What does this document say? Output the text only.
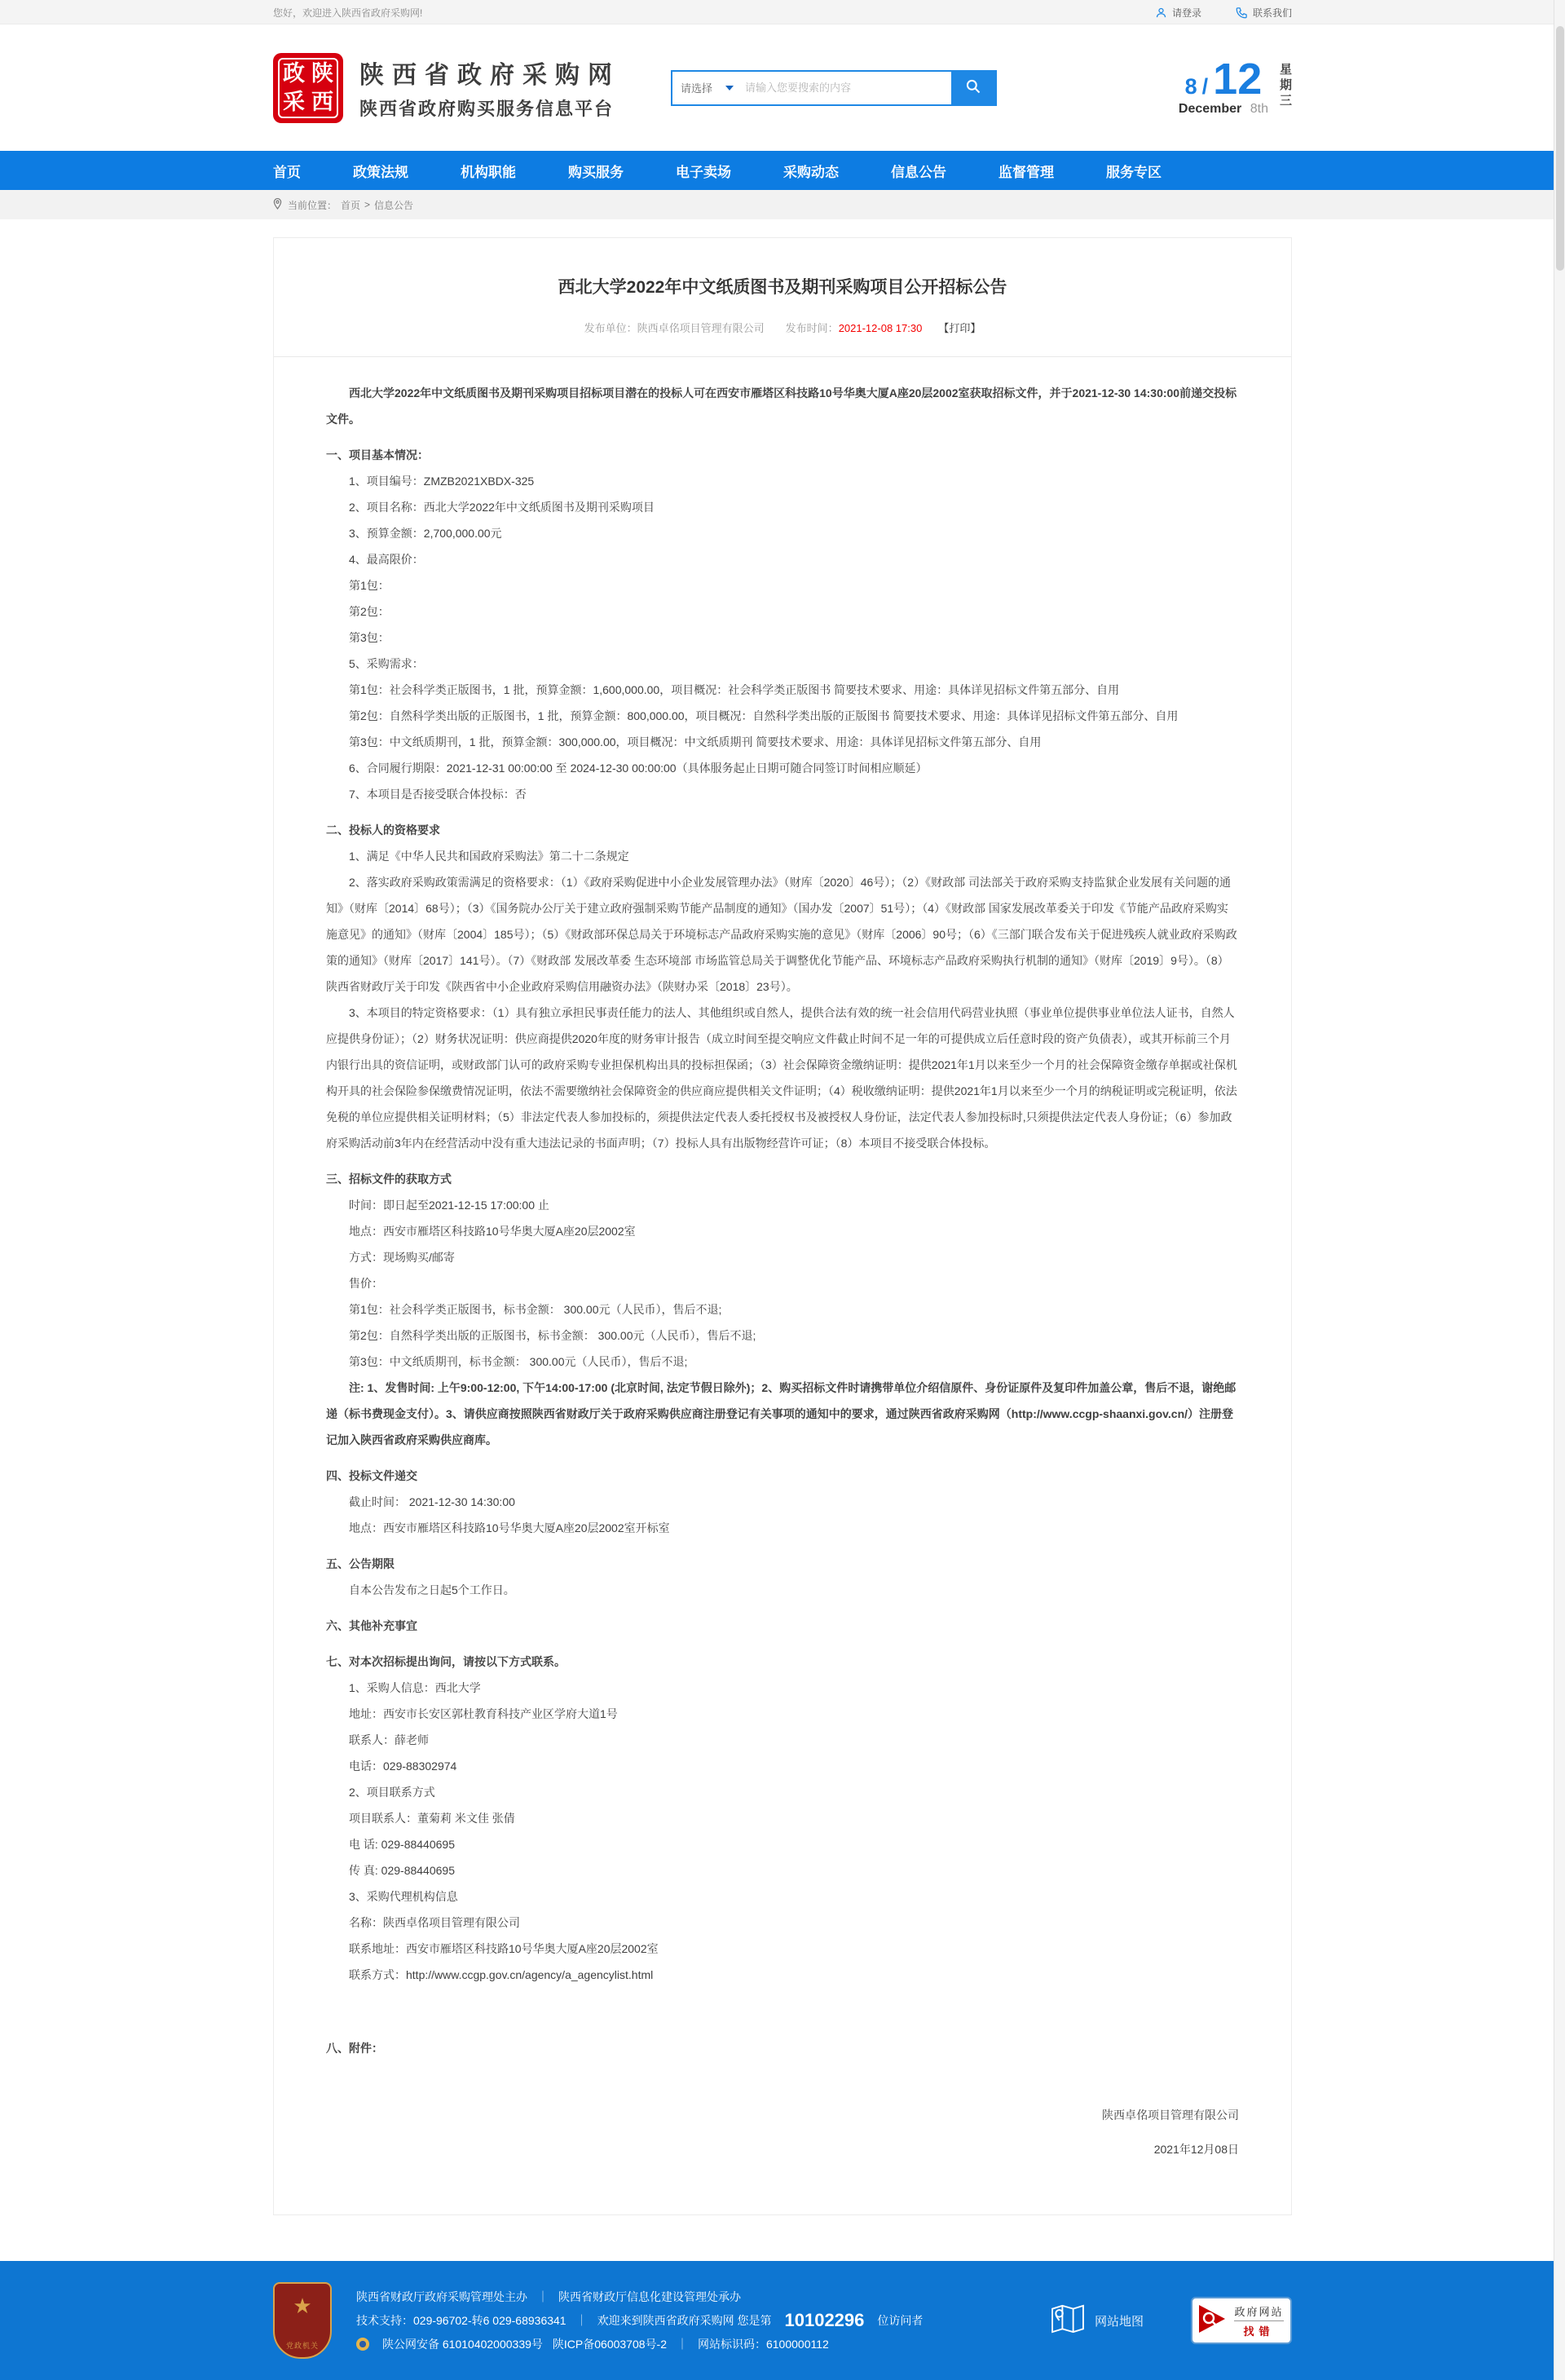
您好，欢迎进入陕西省政府采购网!	请登录	联系我们
政 陕
采 西
陕西省政府采购网

陕西省政府购买服务信息平台

请选择
请输入您要搜索的内容	8 / 12
December 8th
星
期
三
首页	政策法规	机构职能	购买服务	电子卖场	采购动态	信息公告	监督管理	服务专区
当前位置： 首页 > 信息公告
西北大学2022年中文纸质图书及期刊采购项目公开招标公告
发布单位：陕西卓佲项目管理有限公司 发布时间：2021-12-08 17:30 【打印】

西北大学2022年中文纸质图书及期刊采购项目招标项目潜在的投标人可在西安市雁塔区科技路10号华奥大厦A座20层2002室获取招标文件，并于2021-12-30 14:30:00前递交投标文件。

一、项目基本情况：

1、项目编号：ZMZB2021XBDX-325

2、项目名称：西北大学2022年中文纸质图书及期刊采购项目

3、预算金额：2,700,000.00元

4、最高限价：

第1包：

第2包：

第3包：

5、采购需求：

第1包：社会科学类正版图书，1 批，预算金额：1,600,000.00，项目概况：社会科学类正版图书 简要技术要求、用途：具体详见招标文件第五部分、自用

第2包：自然科学类出版的正版图书，1 批，预算金额：800,000.00，项目概况：自然科学类出版的正版图书 简要技术要求、用途：具体详见招标文件第五部分、自用

第3包：中文纸质期刊，1 批，预算金额：300,000.00，项目概况：中文纸质期刊 简要技术要求、用途：具体详见招标文件第五部分、自用

6、合同履行期限：2021-12-31 00:00:00 至 2024-12-30 00:00:00（具体服务起止日期可随合同签订时间相应顺延）

7、本项目是否接受联合体投标：否

二、投标人的资格要求

1、满足《中华人民共和国政府采购法》第二十二条规定

2、落实政府采购政策需满足的资格要求：（1）《政府采购促进中小企业发展管理办法》（财库〔2020〕46号）；（2）《财政部 司法部关于政府采购支持监狱企业发展有关问题的通知》（财库〔2014〕68号）；（3）《国务院办公厅关于建立政府强制采购节能产品制度的通知》（国办发〔2007〕51号）；（4）《财政部 国家发展改革委关于印发《节能产品政府采购实施意见》的通知》（财库〔2004〕185号）；（5）《财政部环保总局关于环境标志产品政府采购实施的意见》（财库〔2006〕90号；（6）《三部门联合发布关于促进残疾人就业政府采购政策的通知》（财库〔2017〕141号）。（7）《财政部 发展改革委 生态环境部 市场监管总局关于调整优化节能产品、环境标志产品政府采购执行机制的通知》（财库〔2019〕9号）。（8）陕西省财政厅关于印发《陕西省中小企业政府采购信用融资办法》（陕财办采〔2018〕23号）。

3、本项目的特定资格要求：（1）具有独立承担民事责任能力的法人、其他组织或自然人，提供合法有效的统一社会信用代码营业执照（事业单位提供事业单位法人证书，自然人应提供身份证）；（2）财务状况证明：供应商提供2020年度的财务审计报告（成立时间至提交响应文件截止时间不足一年的可提供成立后任意时段的资产负债表），或其开标前三个月内银行出具的资信证明，或财政部门认可的政府采购专业担保机构出具的投标担保函；（3）社会保障资金缴纳证明：提供2021年1月以来至少一个月的社会保障资金缴存单据或社保机构开具的社会保险参保缴费情况证明，依法不需要缴纳社会保障资金的供应商应提供相关文件证明；（4）税收缴纳证明：提供2021年1月以来至少一个月的纳税证明或完税证明，依法免税的单位应提供相关证明材料；（5）非法定代表人参加投标的，须提供法定代表人委托授权书及被授权人身份证，法定代表人参加投标时,只须提供法定代表人身份证；（6）参加政府采购活动前3年内在经营活动中没有重大违法记录的书面声明；（7）投标人具有出版物经营许可证；（8）本项目不接受联合体投标。

三、招标文件的获取方式

时间：即日起至2021-12-15 17:00:00 止

地点：西安市雁塔区科技路10号华奥大厦A座20层2002室

方式：现场购买/邮寄

售价：

第1包：社会科学类正版图书，标书金额： 300.00元（人民币），售后不退;

第2包：自然科学类出版的正版图书，标书金额： 300.00元（人民币），售后不退;

第3包：中文纸质期刊，标书金额： 300.00元（人民币），售后不退;

注: 1、发售时间: 上午9:00-12:00, 下午14:00-17:00 (北京时间, 法定节假日除外)；2、购买招标文件时请携带单位介绍信原件、身份证原件及复印件加盖公章，售后不退，谢绝邮递（标书费现金支付）。3、请供应商按照陕西省财政厅关于政府采购供应商注册登记有关事项的通知中的要求，通过陕西省政府采购网（http://www.ccgp-shaanxi.gov.cn/）注册登记加入陕西省政府采购供应商库。

四、投标文件递交

截止时间： 2021-12-30 14:30:00

地点：西安市雁塔区科技路10号华奥大厦A座20层2002室开标室

五、公告期限

自本公告发布之日起5个工作日。

六、其他补充事宜

七、对本次招标提出询问，请按以下方式联系。

1、采购人信息：西北大学

地址：西安市长安区郭杜教育科技产业区学府大道1号

联系人：薛老师

电话：029-88302974

2、项目联系方式

项目联系人：董菊莉 米文佳 张倩

电 话: 029-88440695

传 真: 029-88440695

3、采购代理机构信息

名称：陕西卓佲项目管理有限公司

联系地址：西安市雁塔区科技路10号华奥大厦A座20层2002室

联系方式：http://www.ccgp.gov.cn/agency/a_agencylist.html

八、附件：

陕西卓佲项目管理有限公司

2021年12月08日

★
党政机关
陕西省财政厅政府采购管理处主办 ｜ 陕西省财政厅信息化建设管理处承办
技术支持：029-96702-转6 029-68936341 ｜ 欢迎来到陕西省政府采购网 您是第 10102296 位访问者
陕公网安备 61010402000339号 陕ICP备06003708号-2 ｜ 网站标识码：6100000112
网站地图
政府网站
找错
